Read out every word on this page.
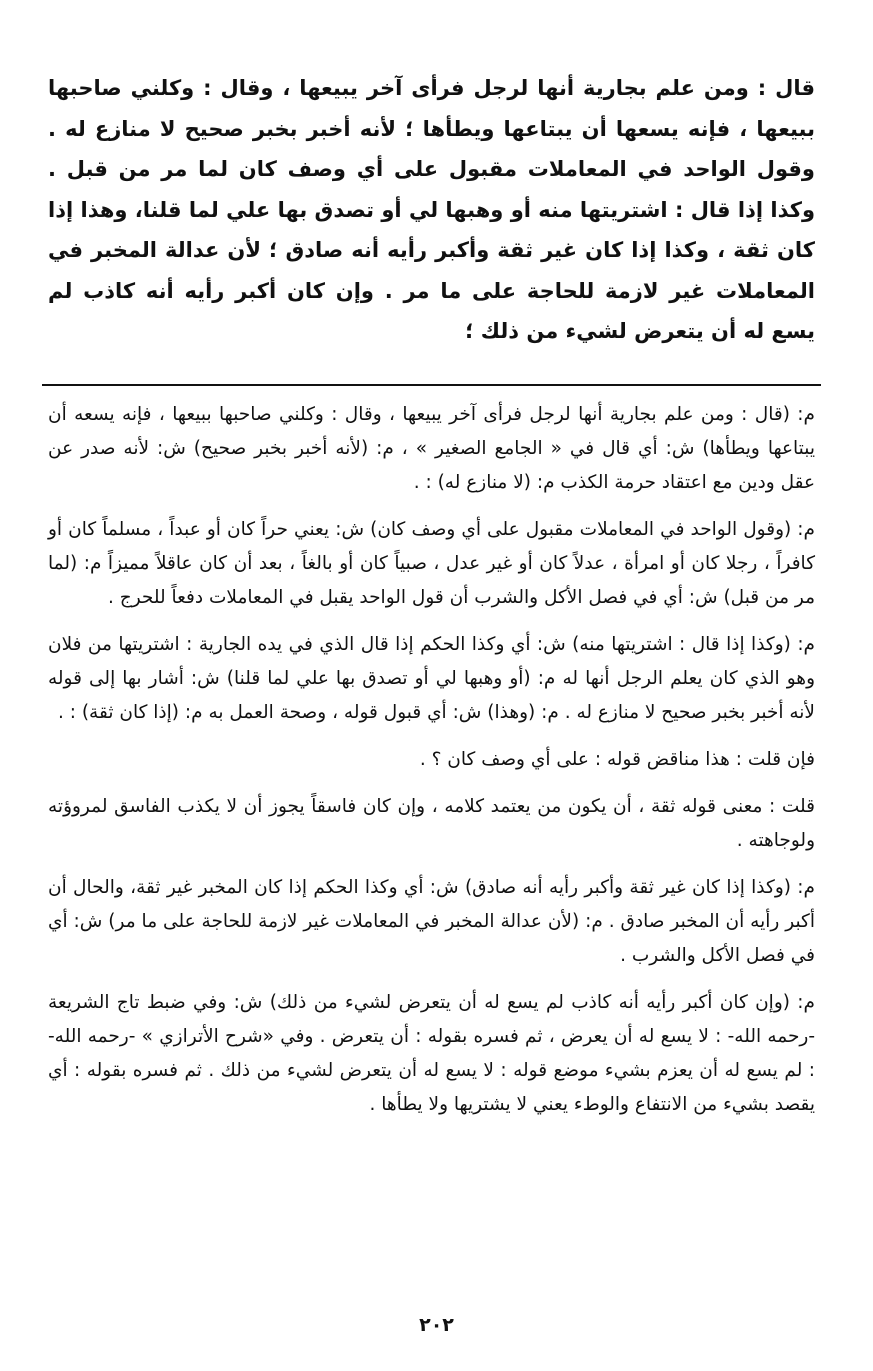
قال : ومن علم بجارية أنها لرجل فرأى آخر يبيعها ، وقال : وكلني صاحبها ببيعها ، فإنه يسعها أن يبتاعها ويطأها ؛ لأنه أخبر بخبر صحيح لا منازع له . وقول الواحد في المعاملات مقبول على أي وصف كان لما مر من قبل . وكذا إذا قال : اشتريتها منه أو وهبها لي أو تصدق بها علي لما قلنا، وهذا إذا كان ثقة ، وكذا إذا كان غير ثقة وأكبر رأيه أنه صادق ؛ لأن عدالة المخبر في المعاملات غير لازمة للحاجة على ما مر . وإن كان أكبر رأيه أنه كاذب لم يسع له أن يتعرض لشيء من ذلك ؛

م: (قال : ومن علم بجارية أنها لرجل فرأى آخر يبيعها ، وقال : وكلني صاحبها ببيعها ، فإنه يسعه أن يبتاعها ويطأها) ش: أي قال في « الجامع الصغير » ، م: (لأنه أخبر بخبر صحيح) ش: لأنه صدر عن عقل ودين مع اعتقاد حرمة الكذب م: (لا منازع له) : .

م: (وقول الواحد في المعاملات مقبول على أي وصف كان) ش: يعني حراً كان أو عبداً ، مسلماً كان أو كافراً ، رجلا كان أو امرأة ، عدلاً كان أو غير عدل ، صبياً كان أو بالغاً ، بعد أن كان عاقلاً مميزاً م: (لما مر من قبل) ش: أي في فصل الأكل والشرب أن قول الواحد يقبل في المعاملات دفعاً للحرج .

م: (وكذا إذا قال : اشتريتها منه) ش: أي وكذا الحكم إذا قال الذي في يده الجارية : اشتريتها من فلان وهو الذي كان يعلم الرجل أنها له م: (أو وهبها لي أو تصدق بها علي لما قلنا) ش: أشار بها إلى قوله لأنه أخبر بخبر صحيح لا منازع له . م: (وهذا) ش: أي قبول قوله ، وصحة العمل به م: (إذا كان ثقة) : .

فإن قلت : هذا مناقض قوله : على أي وصف كان ؟ .

قلت : معنى قوله ثقة ، أن يكون من يعتمد كلامه ، وإن كان فاسقاً يجوز أن لا يكذب الفاسق لمروؤته ولوجاهته .

م: (وكذا إذا كان غير ثقة وأكبر رأيه أنه صادق) ش: أي وكذا الحكم إذا كان المخبر غير ثقة، والحال أن أكبر رأيه أن المخبر صادق . م: (لأن عدالة المخبر في المعاملات غير لازمة للحاجة على ما مر) ش: أي في فصل الأكل والشرب .

م: (وإن كان أكبر رأيه أنه كاذب لم يسع له أن يتعرض لشيء من ذلك) ش: وفي ضبط تاج الشريعة -رحمه الله- : لا يسع له أن يعرض ، ثم فسره بقوله : أن يتعرض . وفي «شرح الأترازي » -رحمه الله- : لم يسع له أن يعزم بشيء موضع قوله : لا يسع له أن يتعرض لشيء من ذلك . ثم فسره بقوله : أي يقصد بشيء من الانتفاع والوطء يعني لا يشتريها ولا يطأها .

٢٠٢
